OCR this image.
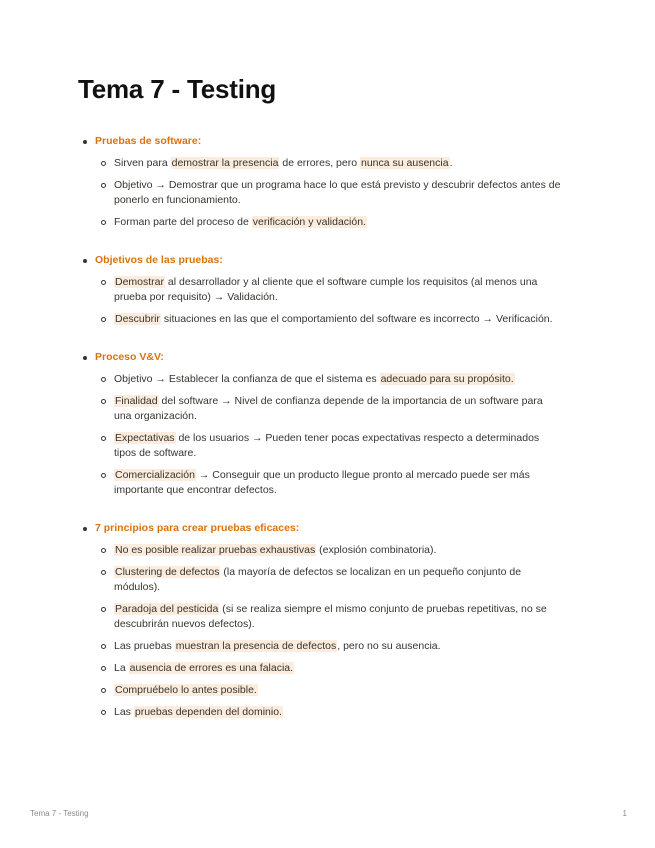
Tema 7 - Testing
Pruebas de software:
Sirven para demostrar la presencia de errores, pero nunca su ausencia.
Objetivo → Demostrar que un programa hace lo que está previsto y descubrir defectos antes de ponerlo en funcionamiento.
Forman parte del proceso de verificación y validación.
Objetivos de las pruebas:
Demostrar al desarrollador y al cliente que el software cumple los requisitos (al menos una prueba por requisito) → Validación.
Descubrir situaciones en las que el comportamiento del software es incorrecto → Verificación.
Proceso V&V:
Objetivo → Establecer la confianza de que el sistema es adecuado para su propósito.
Finalidad del software → Nivel de confianza depende de la importancia de un software para una organización.
Expectativas de los usuarios → Pueden tener pocas expectativas respecto a determinados tipos de software.
Comercialización → Conseguir que un producto llegue pronto al mercado puede ser más importante que encontrar defectos.
7 principios para crear pruebas eficaces:
No es posible realizar pruebas exhaustivas (explosión combinatoria).
Clustering de defectos (la mayoría de defectos se localizan en un pequeño conjunto de módulos).
Paradoja del pesticida (si se realiza siempre el mismo conjunto de pruebas repetitivas, no se descubrirán nuevos defectos).
Las pruebas muestran la presencia de defectos, pero no su ausencia.
La ausencia de errores es una falacia.
Compruébelo lo antes posible.
Las pruebas dependen del dominio.
Tema 7 - Testing	1
